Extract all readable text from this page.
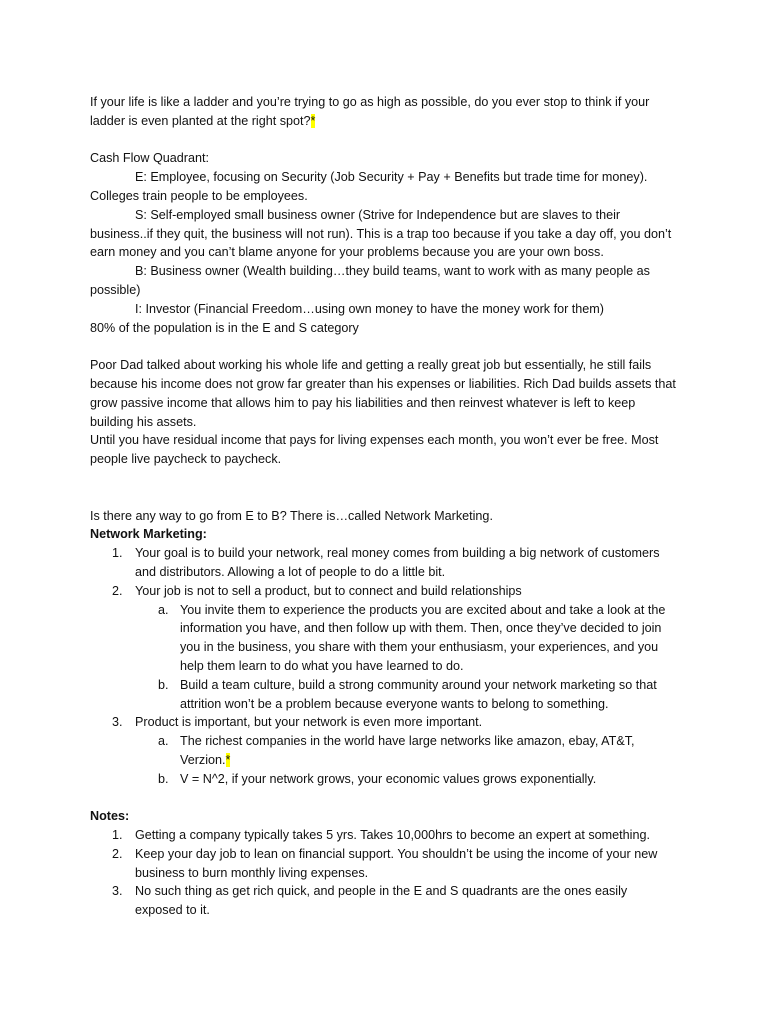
If your life is like a ladder and you’re trying to go as high as possible, do you ever stop to think if your ladder is even planted at the right spot?*

Cash Flow Quadrant:

E: Employee, focusing on Security (Job Security + Pay + Benefits but trade time for money).

Colleges train people to be employees.

S: Self-employed small business owner (Strive for Independence but are slaves to their

business..if they quit, the business will not run). This is a trap too because if you take a day off, you don’t earn money and you can’t blame anyone for your problems because you are your own boss.

B: Business owner (Wealth building…they build teams, want to work with as many people as

possible)

I: Investor (Financial Freedom…using own money to have the money work for them)

80% of the population is in the E and S category

Poor Dad talked about working his whole life and getting a really great job but essentially, he still fails because his income does not grow far greater than his expenses or liabilities. Rich Dad builds assets that grow passive income that allows him to pay his liabilities and then reinvest whatever is left to keep building his assets.

Until you have residual income that pays for living expenses each month, you won’t ever be free. Most people live paycheck to paycheck.

Is there any way to go from E to B? There is…called Network Marketing.

Network Marketing:

1. Your goal is to build your network, real money comes from building a big network of customers and distributors. Allowing a lot of people to do a little bit.
2. Your job is not to sell a product, but to connect and build relationships
a. You invite them to experience the products you are excited about and take a look at the information you have, and then follow up with them. Then, once they’ve decided to join you in the business, you share with them your enthusiasm, your experiences, and you help them learn to do what you have learned to do.
b. Build a team culture, build a strong community around your network marketing so that attrition won’t be a problem because everyone wants to belong to something.
3. Product is important, but your network is even more important.
a. The richest companies in the world have large networks like amazon, ebay, AT&T, Verzion.*
b. V = N^2, if your network grows, your economic values grows exponentially.

Notes:

1. Getting a company typically takes 5 yrs. Takes 10,000hrs to become an expert at something.
2. Keep your day job to lean on financial support. You shouldn’t be using the income of your new business to burn monthly living expenses.
3. No such thing as get rich quick, and people in the E and S quadrants are the ones easily exposed to it.
